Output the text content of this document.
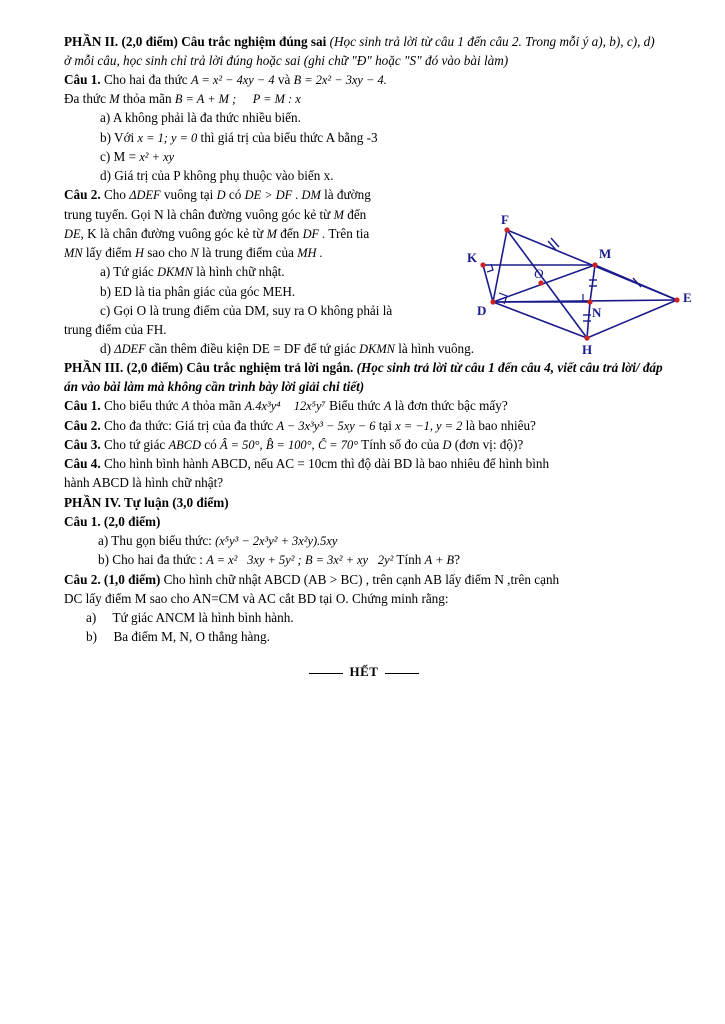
PHẦN II. (2,0 điểm) Câu trắc nghiệm đúng sai (Học sinh trả lời từ câu 1 đến câu 2. Trong mỗi ý a), b), c), d) ở mỗi câu, học sinh chỉ trả lời đúng hoặc sai (ghi chữ "Đ" hoặc "S" đó vào bài làm)

Câu 1. Cho hai đa thức A = x² − 4xy − 4 và B = 2x² − 3xy − 4.

Đa thức M thỏa mãn B = A + M ; P = M : x

a) A không phải là đa thức nhiều biến.

b) Với x = 1; y = 0 thì giá trị của biểu thức A bằng -3

c) M = x² + xy

d) Giá trị của P không phụ thuộc vào biến x.

Câu 2. Cho ΔDEF vuông tại D có DE > DF . DM là đường

trung tuyến. Gọi N là chân đường vuông góc kẻ từ M đến

DE, K là chân đường vuông góc kẻ từ M đến DF . Trên tia

MN lấy điểm H sao cho N là trung điểm của MH .

a) Tứ giác DKMN là hình chữ nhật.

b) ED là tia phân giác của góc MEH.

c) Gọi O là trung điểm của DM, suy ra O không phải là

trung điểm của FH.

d) ΔDEF cần thêm điều kiện DE = DF để tứ giác DKMN là hình vuông.

PHẦN III. (2,0 điểm) Câu trắc nghiệm trả lời ngắn. (Học sinh trả lời từ câu 1 đến câu 4, viết câu trả lời/ đáp án vào bài làm mà không cần trình bày lời giải chi tiết)

Câu 1. Cho biểu thức A thỏa mãn A.4x³y⁴ 12x⁵y⁷ Biểu thức A là đơn thức bậc mấy?

Câu 2. Cho đa thức: Giá trị của đa thức A − 3x³y³ − 5xy − 6 tại x = −1, y = 2 là bao nhiêu?

Câu 3. Cho tứ giác ABCD có Â = 50°, B̂ = 100°, Ĉ = 70° Tính số đo của D (đơn vị: độ)?

Câu 4. Cho hình bình hành ABCD, nếu AC = 10cm thì độ dài BD là bao nhiêu để hình bình

hành ABCD là hình chữ nhật?

PHẦN IV. Tự luận (3,0 điểm)

Câu 1. (2,0 điểm)

a) Thu gọn biểu thức: (x⁵y³ − 2x³y² + 3x²y).5xy

b) Cho hai đa thức : A = x² 3xy + 5y² ; B = 3x² + xy 2y² Tính A + B?

Câu 2. (1,0 điểm) Cho hình chữ nhật ABCD (AB > BC) , trên cạnh AB lấy điểm N ,trên cạnh

DC lấy điểm M sao cho AN=CM và AC cắt BD tại O. Chứng minh rằng:

a) Tứ giác ANCM là hình bình hành.

b) Ba điểm M, N, O thẳng hàng.

HẾT

F
M
K
O
E
D	N
H
